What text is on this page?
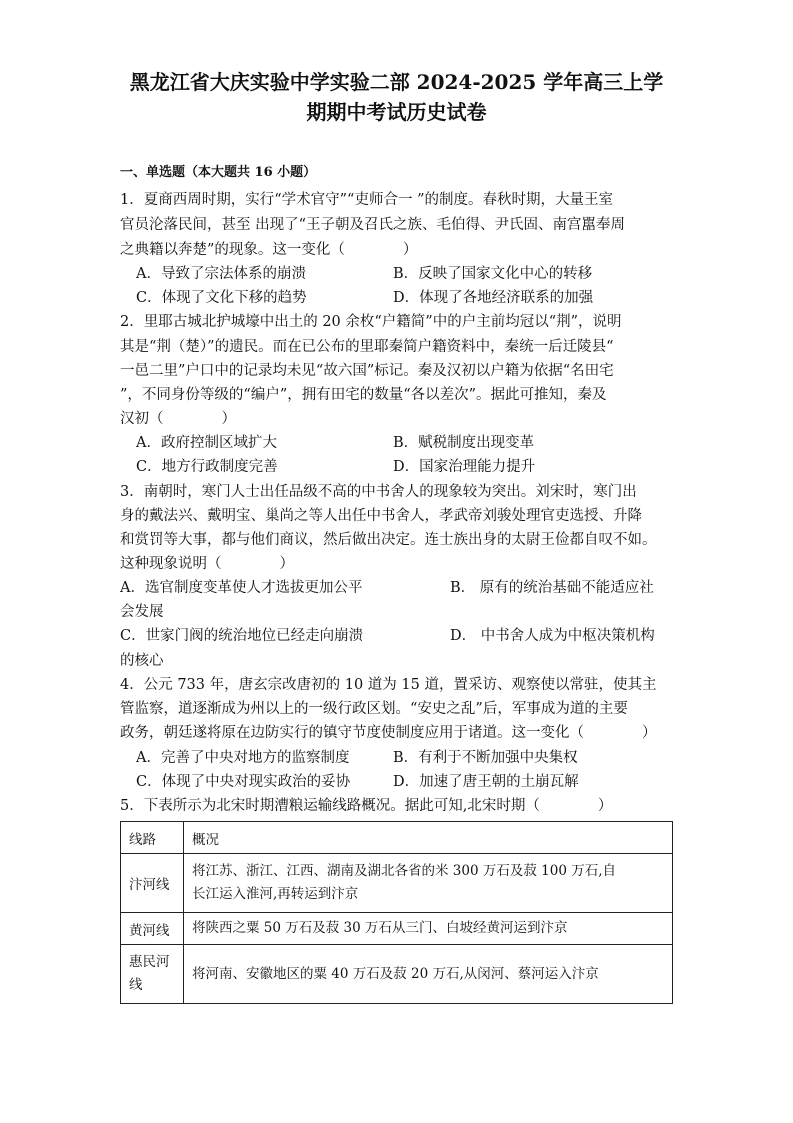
黑龙江省大庆实验中学实验二部 2024-2025 学年高三上学
期期中考试历史试卷
一、单选题（本大题共 16 小题）
1．夏商西周时期，实行“学术官守”“吏师合一 ”的制度。春秋时期，大量王室
官员沦落民间，甚至 出现了“王子朝及召氏之族、毛伯得、尹氏固、南宫嚚奉周
之典籍以奔楚”的现象。这一变化（　　　　）
A．导致了宗法体系的崩溃	B．反映了国家文化中心的转移
C．体现了文化下移的趋势	D．体现了各地经济联系的加强
2．里耶古城北护城壕中出土的 20 余枚“户籍简”中的户主前均冠以“荆”，说明
其是“荆（楚）”的遗民。而在已公布的里耶秦简户籍资料中，秦统一后迁陵县“
一邑二里”户口中的记录均未见“故六国”标记。秦及汉初以户籍为依据“名田宅
”，不同身份等级的“编户”，拥有田宅的数量“各以差次”。据此可推知，秦及
汉初（　　　　）
A．政府控制区域扩大	B．赋税制度出现变革
C．地方行政制度完善	D．国家治理能力提升
3．南朝时，寒门人士出任品级不高的中书舍人的现象较为突出。刘宋时，寒门出
身的戴法兴、戴明宝、巢尚之等人出任中书舍人，孝武帝刘骏处理官吏选授、升降
和赏罚等大事，都与他们商议，然后做出决定。连士族出身的太尉王俭都自叹不如。
这种现象说明（　　　　）
A．选官制度变革使人才选拔更加公平	B． 原有的统治基础不能适应社
会发展
C．世家门阀的统治地位已经走向崩溃	D． 中书舍人成为中枢决策机构
的核心
4．公元 733 年，唐玄宗改唐初的 10 道为 15 道，置采访、观察使以常驻，使其主
管监察，道逐渐成为州以上的一级行政区划。“安史之乱”后，军事成为道的主要
政务，朝廷遂将原在边防实行的镇守节度使制度应用于诸道。这一变化（　　　　）
A．完善了中央对地方的监察制度	B．有利于不断加强中央集权
C．体现了中央对现实政治的妥协	D．加速了唐王朝的土崩瓦解
5．下表所示为北宋时期漕粮运输线路概况。据此可知,北宋时期（　　　　）
线路	概况
汴河线	将江苏、浙江、江西、湖南及湖北各省的米 300 万石及菽 100 万石,自
长江运入淮河,再转运到汴京

黄河线	将陕西之粟 50 万石及菽 30 万石从三门、白坡经黄河运到汴京

惠民河
线	将河南、安徽地区的粟 40 万石及菽 20 万石,从闵河、蔡河运入汴京
